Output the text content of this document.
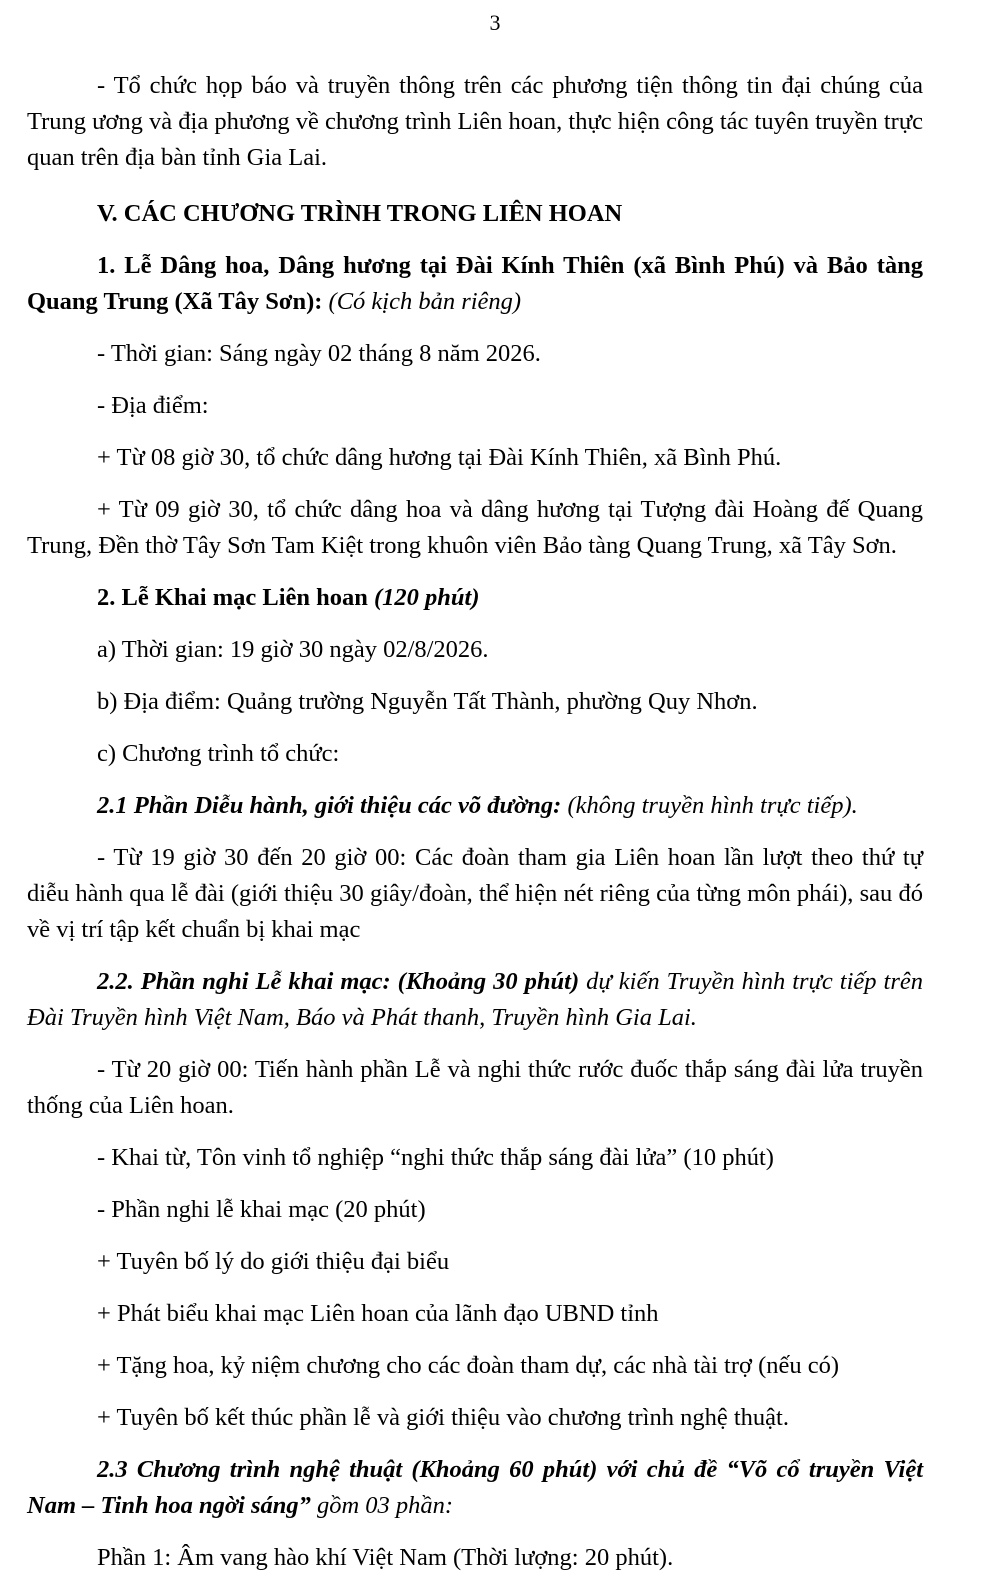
3

- Tổ chức họp báo và truyền thông trên các phương tiện thông tin đại chúng của Trung ương và địa phương về chương trình Liên hoan, thực hiện công tác tuyên truyền trực quan trên địa bàn tỉnh Gia Lai.

V. CÁC CHƯƠNG TRÌNH TRONG LIÊN HOAN

1. Lễ Dâng hoa, Dâng hương tại Đài Kính Thiên (xã Bình Phú) và Bảo tàng Quang Trung (Xã Tây Sơn): (Có kịch bản riêng)

- Thời gian: Sáng ngày 02 tháng 8 năm 2026.

- Địa điểm:

+ Từ 08 giờ 30, tổ chức dâng hương tại Đài Kính Thiên, xã Bình Phú.

+ Từ 09 giờ 30, tổ chức dâng hoa và dâng hương tại Tượng đài Hoàng đế Quang Trung, Đền thờ Tây Sơn Tam Kiệt trong khuôn viên Bảo tàng Quang Trung, xã Tây Sơn.

2. Lễ Khai mạc Liên hoan (120 phút)

a) Thời gian: 19 giờ 30 ngày 02/8/2026.

b) Địa điểm: Quảng trường Nguyễn Tất Thành, phường Quy Nhơn.

c) Chương trình tổ chức:

2.1 Phần Diễu hành, giới thiệu các võ đường: (không truyền hình trực tiếp).

- Từ 19 giờ 30 đến 20 giờ 00: Các đoàn tham gia Liên hoan lần lượt theo thứ tự diễu hành qua lễ đài (giới thiệu 30 giây/đoàn, thể hiện nét riêng của từng môn phái), sau đó về vị trí tập kết chuẩn bị khai mạc

2.2. Phần nghi Lễ khai mạc: (Khoảng 30 phút) dự kiến Truyền hình trực tiếp trên Đài Truyền hình Việt Nam, Báo và Phát thanh, Truyền hình Gia Lai.

- Từ 20 giờ 00: Tiến hành phần Lễ và nghi thức rước đuốc thắp sáng đài lửa truyền thống của Liên hoan.

- Khai từ, Tôn vinh tổ nghiệp “nghi thức thắp sáng đài lửa” (10 phút)

- Phần nghi lễ khai mạc (20 phút)

+ Tuyên bố lý do giới thiệu đại biểu

+ Phát biểu khai mạc Liên hoan của lãnh đạo UBND tỉnh

+ Tặng hoa, kỷ niệm chương cho các đoàn tham dự, các nhà tài trợ (nếu có)

+ Tuyên bố kết thúc phần lễ và giới thiệu vào chương trình nghệ thuật.

2.3 Chương trình nghệ thuật (Khoảng 60 phút) với chủ đề “Võ cổ truyền Việt Nam – Tinh hoa ngời sáng” gồm 03 phần:

Phần 1: Âm vang hào khí Việt Nam (Thời lượng: 20 phút).
